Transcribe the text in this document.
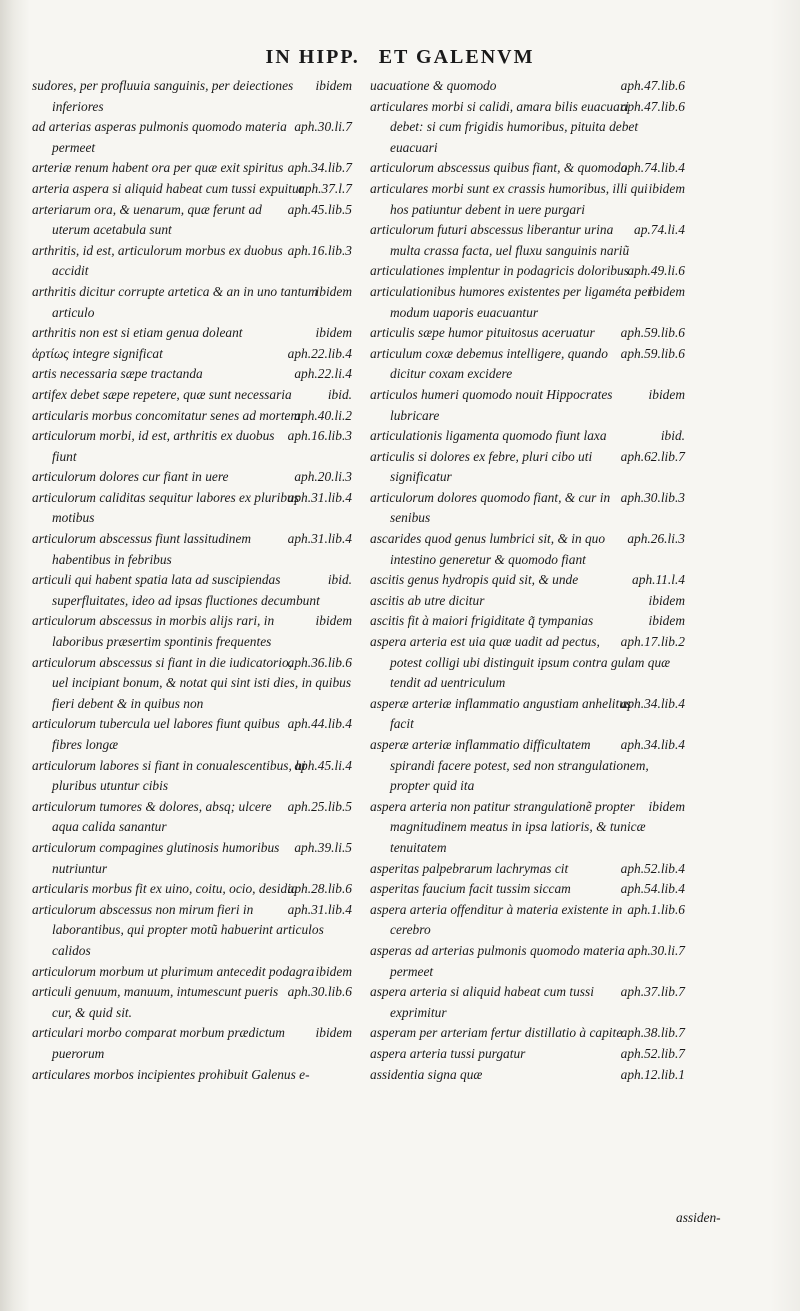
IN HIPP. ET GALENVM

ibidem
sudores, per profluuia sanguinis, per deiectiones inferiores

aph.30.li.7
ad arterias asperas pulmonis quomodo materia permeet

aph.34.lib.7
arteriæ renum habent ora per quæ exit spiritus

aph.37.l.7
arteria aspera si aliquid habeat cum tussi expuitur

aph.45.lib.5
arteriarum ora, & uenarum, quæ ferunt ad uterum acetabula sunt

aph.16.lib.3
arthritis, id est, articulorum morbus ex duobus accidit

ibidem
arthritis dicitur corrupte artetica & an in uno tantum articulo

ibidem
arthritis non est si etiam genua doleant

aph.22.lib.4
ἀρτίως integre significat

aph.22.li.4
artis necessaria sæpe tractanda

ibid.
artifex debet sæpe repetere, quæ sunt necessaria

aph.40.li.2
articularis morbus concomitatur senes ad mortem

aph.16.lib.3
articulorum morbi, id est, arthritis ex duobus fiunt

aph.20.li.3
articulorum dolores cur fiant in uere

aph.31.lib.4
articulorum caliditas sequitur labores ex pluribus motibus

aph.31.lib.4
articulorum abscessus fiunt lassitudinem habentibus in febribus

ibid.
articuli qui habent spatia lata ad suscipiendas superfluitates, ideo ad ipsas fluctiones decumbunt

ibidem
articulorum abscessus in morbis alijs rari, in laboribus præsertim spontinis frequentes

aph.36.lib.6
articulorum abscessus si fiant in die iudicatorio, uel incipiant bonum, & notat qui sint isti dies, in quibus fieri debent & in quibus non

aph.44.lib.4
articulorum tubercula uel labores fiunt quibus fibres longæ

aph.45.li.4
articulorum labores si fiant in conualescentibus, hi pluribus utuntur cibis

aph.25.lib.5
articulorum tumores & dolores, absq; ulcere aqua calida sanantur

aph.39.li.5
articulorum compagines glutinosis humoribus nutriuntur

aph.28.lib.6
articularis morbus fit ex uino, coitu, ocio, desidia

aph.31.lib.4
articulorum abscessus non mirum fieri in laborantibus, qui propter motũ habuerint articulos calidos

ibidem
articulorum morbum ut plurimum antecedit podagra

aph.30.lib.6
articuli genuum, manuum, intumescunt pueris cur, & quid sit.

ibidem
articulari morbo comparat morbum prædictum puerorum

articulares morbos incipientes prohibuit Galenus e-

aph.47.lib.6
uacuatione & quomodo

aph.47.lib.6
articulares morbi si calidi, amara bilis euacuari debet: si cum frigidis humoribus, pituita debet euacuari

aph.74.lib.4
articulorum abscessus quibus fiant, & quomodo

ibidem
articulares morbi sunt ex crassis humoribus, illi qui hos patiuntur debent in uere purgari

ap.74.li.4
articulorum futuri abscessus liberantur urina multa crassa facta, uel fluxu sanguinis nariũ

aph.49.li.6
articulationes implentur in podagricis doloribus

ibidem
articulationibus humores existentes per ligaméta per modum uaporis euacuantur

aph.59.lib.6
articulis sæpe humor pituitosus aceruatur

aph.59.lib.6
articulum coxæ debemus intelligere, quando dicitur coxam excidere

ibidem
articulos humeri quomodo nouit Hippocrates lubricare

ibid.
articulationis ligamenta quomodo fiunt laxa

aph.62.lib.7
articulis si dolores ex febre, pluri cibo uti significatur

aph.30.lib.3
articulorum dolores quomodo fiant, & cur in senibus

aph.26.li.3
ascarides quod genus lumbrici sit, & in quo intestino generetur & quomodo fiant

aph.11.l.4
ascitis genus hydropis quid sit, & unde

ibidem
ascitis ab utre dicitur

ibidem
ascitis fit à maiori frigiditate q̃ tympanias

aph.17.lib.2
aspera arteria est uia quæ uadit ad pectus, potest colligi ubi distinguit ipsum contra gulam quæ tendit ad uentriculum

aph.34.lib.4
asperæ arteriæ inflammatio angustiam anhelitus facit

aph.34.lib.4
asperæ arteriæ inflammatio difficultatem spirandi facere potest, sed non strangulationem, propter quid ita

ibidem
aspera arteria non patitur strangulationẽ propter magnitudinem meatus in ipsa latioris, & tunicæ tenuitatem

aph.52.lib.4
asperitas palpebrarum lachrymas cit

aph.54.lib.4
asperitas faucium facit tussim siccam

aph.1.lib.6
aspera arteria offenditur à materia existente in cerebro

aph.30.li.7
asperas ad arterias pulmonis quomodo materia permeet

aph.37.lib.7
aspera arteria si aliquid habeat cum tussi exprimitur

aph.38.lib.7
asperam per arteriam fertur distillatio à capite

aph.52.lib.7
aspera arteria tussi purgatur

aph.12.lib.1
assidentia signa quæ

assiden-
